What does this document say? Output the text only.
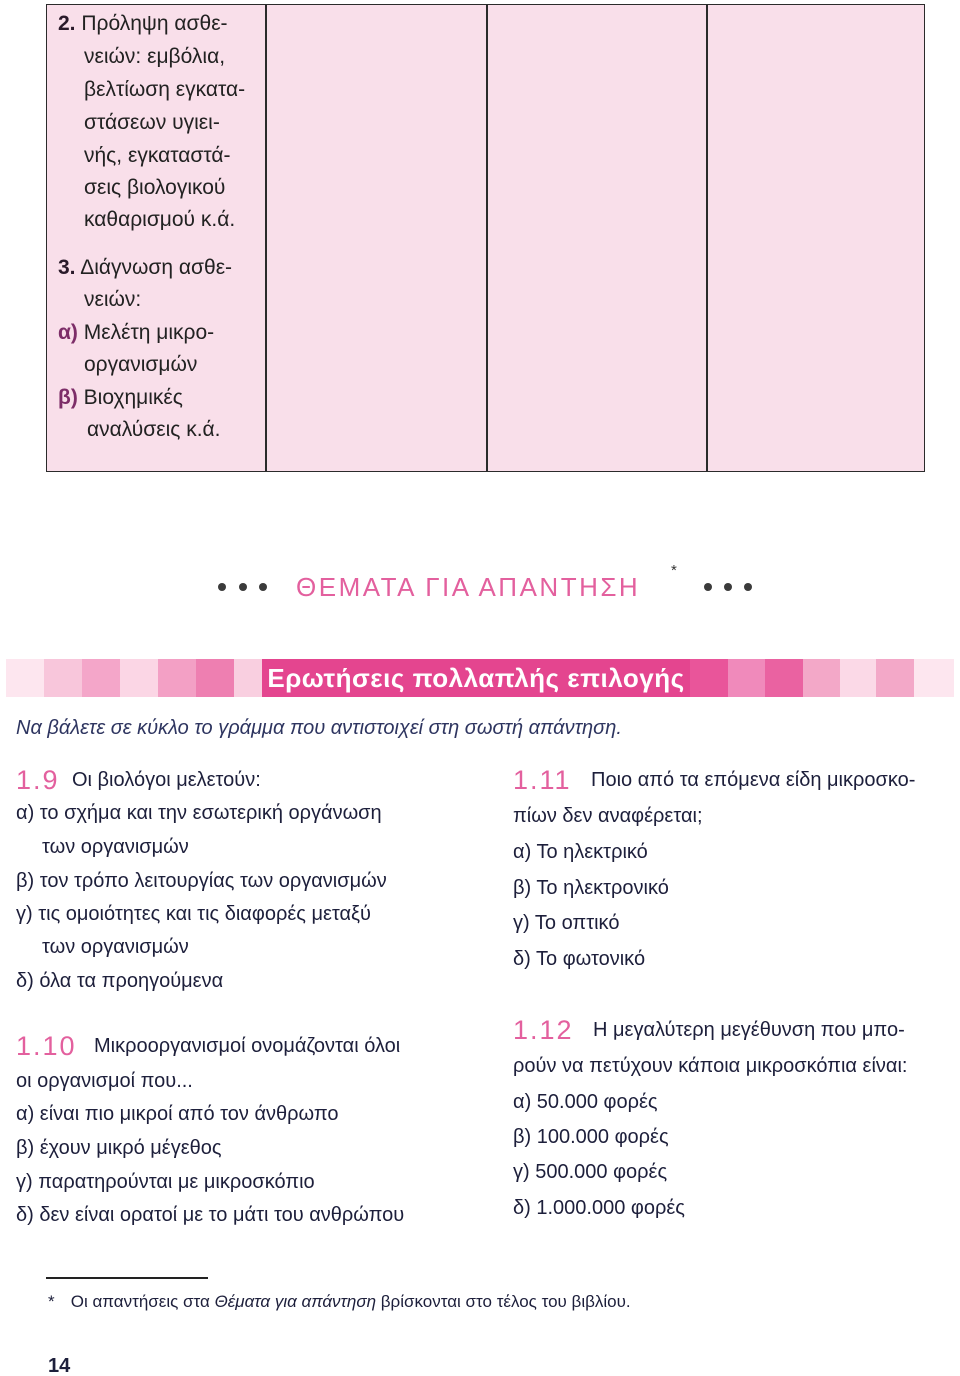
2. Πρόληψη ασθε-
νειών: εμβόλια,
βελτίωση εγκατα-
στάσεων υγιει-
νής, εγκαταστά-
σεις βιολογικού
καθαρισμού κ.ά.
3. Διάγνωση ασθε-
νειών:
α) Μελέτη μικρο-
οργανισμών
β) Βιοχημικές
αναλύσεις κ.ά.
ΘΕΜΑΤΑ ΓΙΑ ΑΠΑΝΤΗΣΗ
*
Ερωτήσεις πολλαπλής επιλογής
Να βάλετε σε κύκλο το γράμμα που αντιστοιχεί στη σωστή απάντηση.
1.9 Οι βιολόγοι μελετούν:
α) το σχήμα και την εσωτερική οργάνωση
των οργανισμών
β) τον τρόπο λειτουργίας των οργανισμών
γ) τις ομοιότητες και τις διαφορές μεταξύ
των οργανισμών
δ) όλα τα προηγούμενα
1.10 Μικροοργανισμοί ονομάζονται όλοι
οι οργανισμοί που...
α) είναι πιο μικροί από τον άνθρωπο
β) έχουν μικρό μέγεθος
γ) παρατηρούνται με μικροσκόπιο
δ) δεν είναι ορατοί με το μάτι του ανθρώπου
1.11 Ποιο από τα επόμενα είδη μικροσκο-
πίων δεν αναφέρεται;
α) Το ηλεκτρικό
β) Το ηλεκτρονικό
γ) Το οπτικό
δ) Το φωτονικό
1.12 Η μεγαλύτερη μεγέθυνση που μπο-
ρούν να πετύχουν κάποια μικροσκόπια είναι:
α) 50.000 φορές
β) 100.000 φορές
γ) 500.000 φορές
δ) 1.000.000 φορές
* Οι απαντήσεις στα Θέματα για απάντηση βρίσκονται στο τέλος του βιβλίου.
14
